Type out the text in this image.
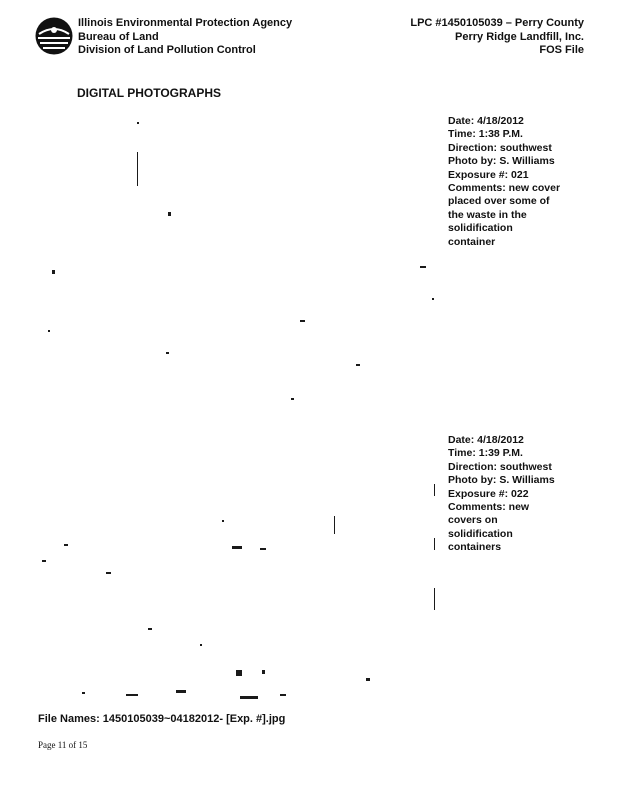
Illinois Environmental Protection Agency
Bureau of Land
Division of Land Pollution Control
LPC #1450105039 – Perry County
Perry Ridge Landfill, Inc.
FOS File
DIGITAL PHOTOGRAPHS
Date: 4/18/2012
Time: 1:38 P.M.
Direction: southwest
Photo by: S. Williams
Exposure #: 021
Comments: new cover
placed over some of
the waste in the
solidification
container
Date: 4/18/2012
Time: 1:39 P.M.
Direction: southwest
Photo by: S. Williams
Exposure #: 022
Comments: new
covers on
solidification
containers
File Names: 1450105039~04182012- [Exp. #].jpg
Page 11 of 15
